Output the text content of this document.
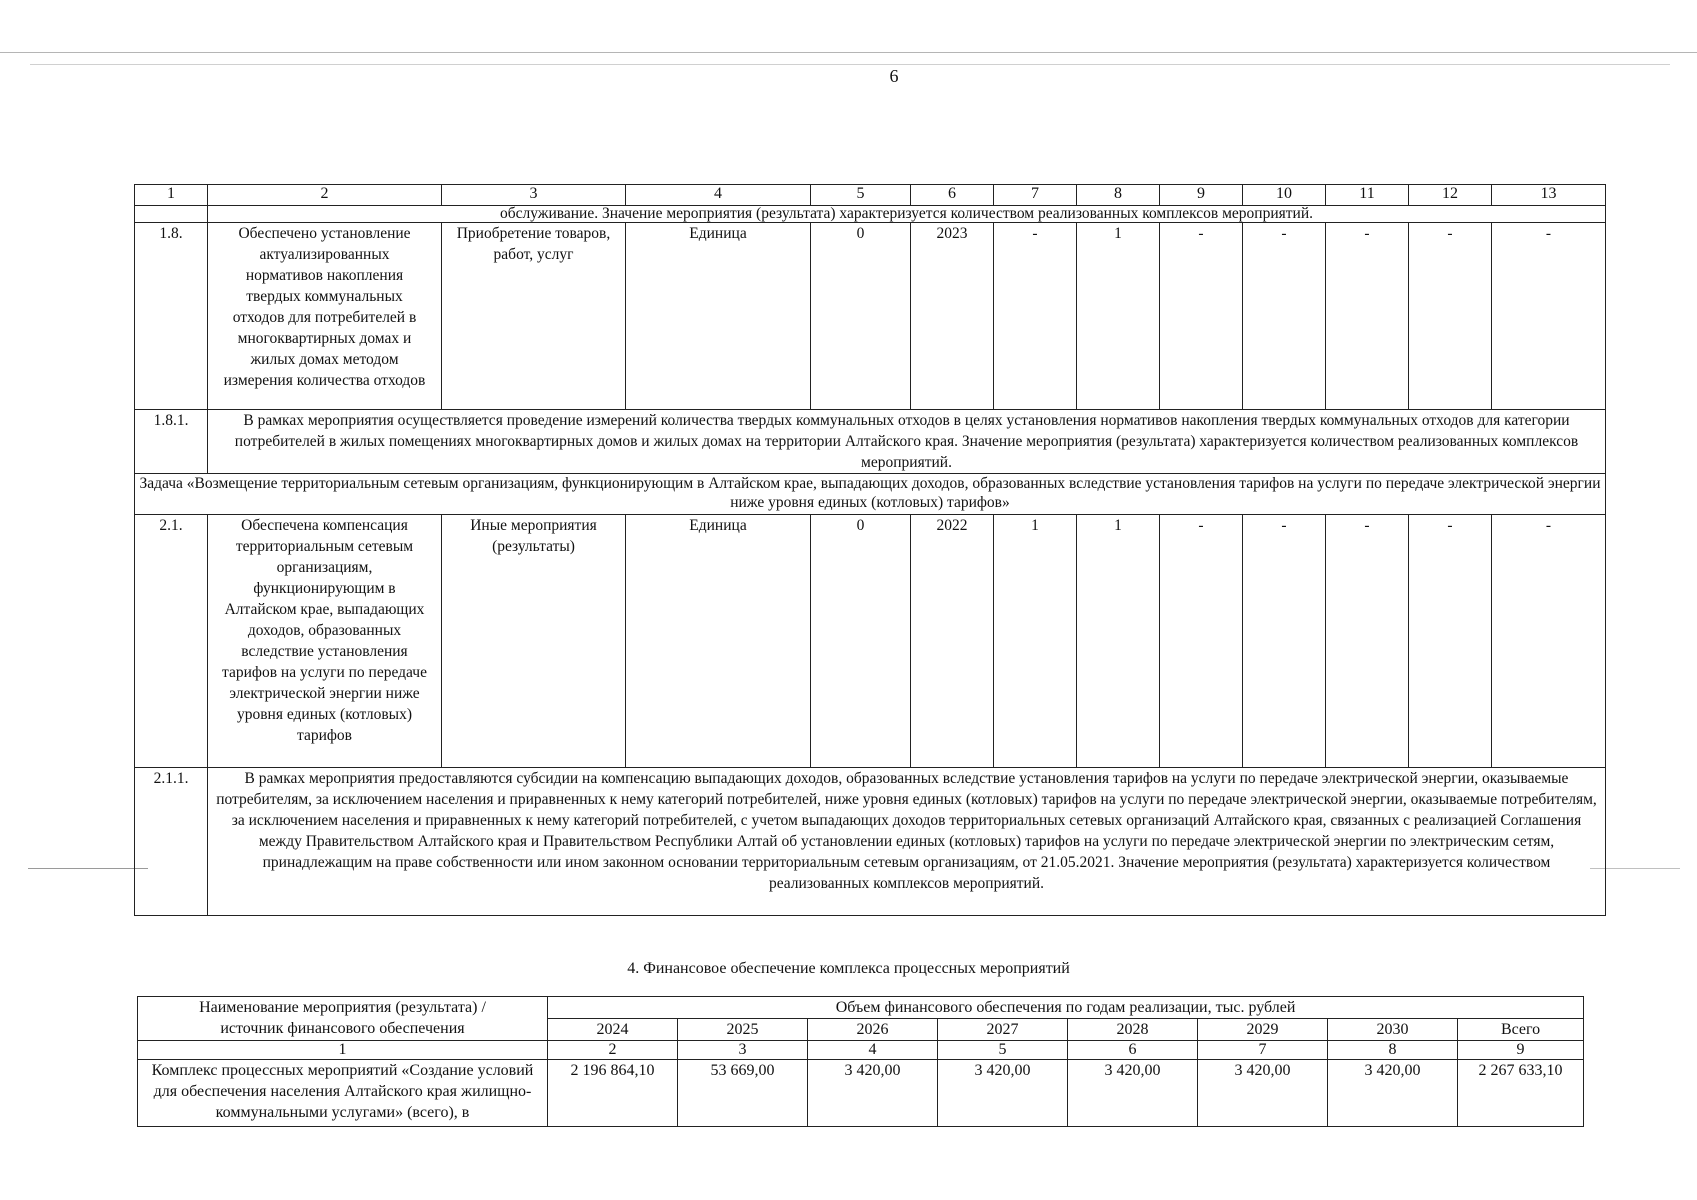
6
1	2	3	4	5	6	7	8	9	10	11	12	13
	обслуживание. Значение мероприятия (результата) характеризуется количеством реализованных комплексов мероприятий.											
1.8.	Обеспечено установление актуализированных нормативов накопления твердых коммунальных отходов для потребителей в многоквартирных домах и жилых домах методом измерения количества отходов	Приобретение товаров, работ, услуг	Единица	0	2023	-	1	-	-	-	-	-
1.8.1.	В рамках мероприятия осуществляется проведение измерений количества твердых коммунальных отходов в целях установления нормативов накопления твердых коммунальных отходов для категории потребителей в жилых помещениях многоквартирных домов и жилых домах на территории Алтайского края. Значение мероприятия (результата) характеризуется количеством реализованных комплексов мероприятий.											
Задача «Возмещение территориальным сетевым организациям, функционирующим в Алтайском крае, выпадающих доходов, образованных вследствие установления тарифов на услуги по передаче электрической энергии ниже уровня единых (котловых) тарифов»												
2.1.	Обеспечена компенсация территориальным сетевым организациям, функционирующим в Алтайском крае, выпадающих доходов, образованных вследствие установления тарифов на услуги по передаче электрической энергии ниже уровня единых (котловых) тарифов	Иные мероприятия (результаты)	Единица	0	2022	1	1	-	-	-	-	-
2.1.1.	В рамках мероприятия предоставляются субсидии на компенсацию выпадающих доходов, образованных вследствие установления тарифов на услуги по передаче электрической энергии, оказываемые потребителям, за исключением населения и приравненных к нему категорий потребителей, ниже уровня единых (котловых) тарифов на услуги по передаче электрической энергии, оказываемые потребителям, за исключением населения и приравненных к нему категорий потребителей, с учетом выпадающих доходов территориальных сетевых организаций Алтайского края, связанных с реализацией Соглашения между Правительством Алтайского края и Правительством Республики Алтай об установлении единых (котловых) тарифов на услуги по передаче электрической энергии по электрическим сетям, принадлежащим на праве собственности или ином законном основании территориальным сетевым организациям, от 21.05.2021. Значение мероприятия (результата) характеризуется количеством реализованных комплексов мероприятий.											
4. Финансовое обеспечение комплекса процессных мероприятий
Наименование мероприятия (результата) / источник финансового обеспечения	Объем финансового обеспечения по годам реализации, тыс. рублей							
	2024	2025	2026	2027	2028	2029	2030	Всего
1	2	3	4	5	6	7	8	9
Комплекс процессных мероприятий «Создание условий для обеспечения населения Алтайского края жилищно-коммунальными услугами» (всего), в	2 196 864,10	53 669,00	3 420,00	3 420,00	3 420,00	3 420,00	3 420,00	2 267 633,10
